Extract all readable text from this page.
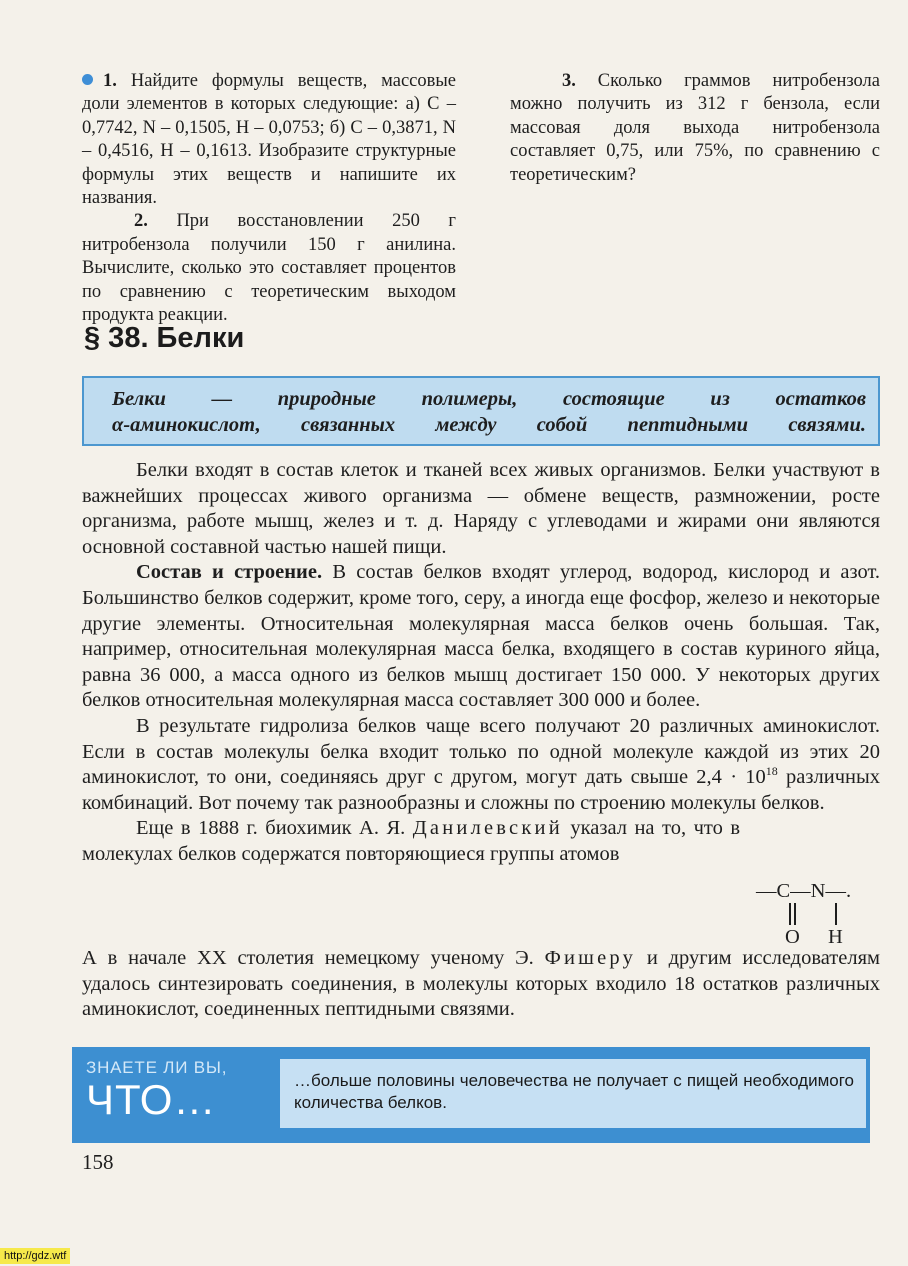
1. Найдите формулы веществ, массовые доли элементов в которых следующие: а) C – 0,7742, N – 0,1505, H – 0,0753; б) C – 0,3871, N – 0,4516, H – 0,1613. Изобразите структурные формулы этих веществ и напишите их названия.

2. При восстановлении 250 г нитробензола получили 150 г анилина. Вычислите, сколько это составляет процентов по сравнению с теоретическим выходом продукта реакции.

3. Сколько граммов нитробензола можно получить из 312 г бензола, если массовая доля выхода нитробензола составляет 0,75, или 75%, по сравнению с теоретическим?

§ 38. Белки
Белки — природные полимеры, состоящие из остатков
α-аминокислот, связанных между собой пептидными связями.

Белки входят в состав клеток и тканей всех живых организмов. Белки участвуют в важнейших процессах живого организма — обмене веществ, размножении, росте организма, работе мышц, желез и т. д. Наряду с углеводами и жирами они являются основной составной частью нашей пищи.

Состав и строение. В состав белков входят углерод, водород, кислород и азот. Большинство белков содержит, кроме того, серу, а иногда еще фосфор, железо и некоторые другие элементы. Относительная молекулярная масса белков очень большая. Так, например, относительная молекулярная масса белка, входящего в состав куриного яйца, равна 36 000, а масса одного из белков мышц достигает 150 000. У некоторых других белков относительная молекулярная масса составляет 300 000 и более.

В результате гидролиза белков чаще всего получают 20 различных аминокислот. Если в состав молекулы белка входит только по одной молекуле каждой из этих 20 аминокислот, то они, соединяясь друг с другом, могут дать свыше $2,4 \cdot 10^{18}$ различных комбинаций. Вот почему так разнообразны и сложны по строению молекулы белков.

Еще в 1888 г. биохимик А. Я. Данилевский указал на то, что в молекулах белков содержатся повторяющиеся группы атомов

—C—N—.
O H

А в начале XX столетия немецкому ученому Э. Фишеру и другим исследователям удалось синтезировать соединения, в молекулы которых входило 18 остатков различных аминокислот, соединенных пептидными связями.

ЗНАЕТЕ ЛИ ВЫ,
ЧТО…	…больше половины человечества не получает с пищей необходимого количества белков.
158
http://gdz.wtf
